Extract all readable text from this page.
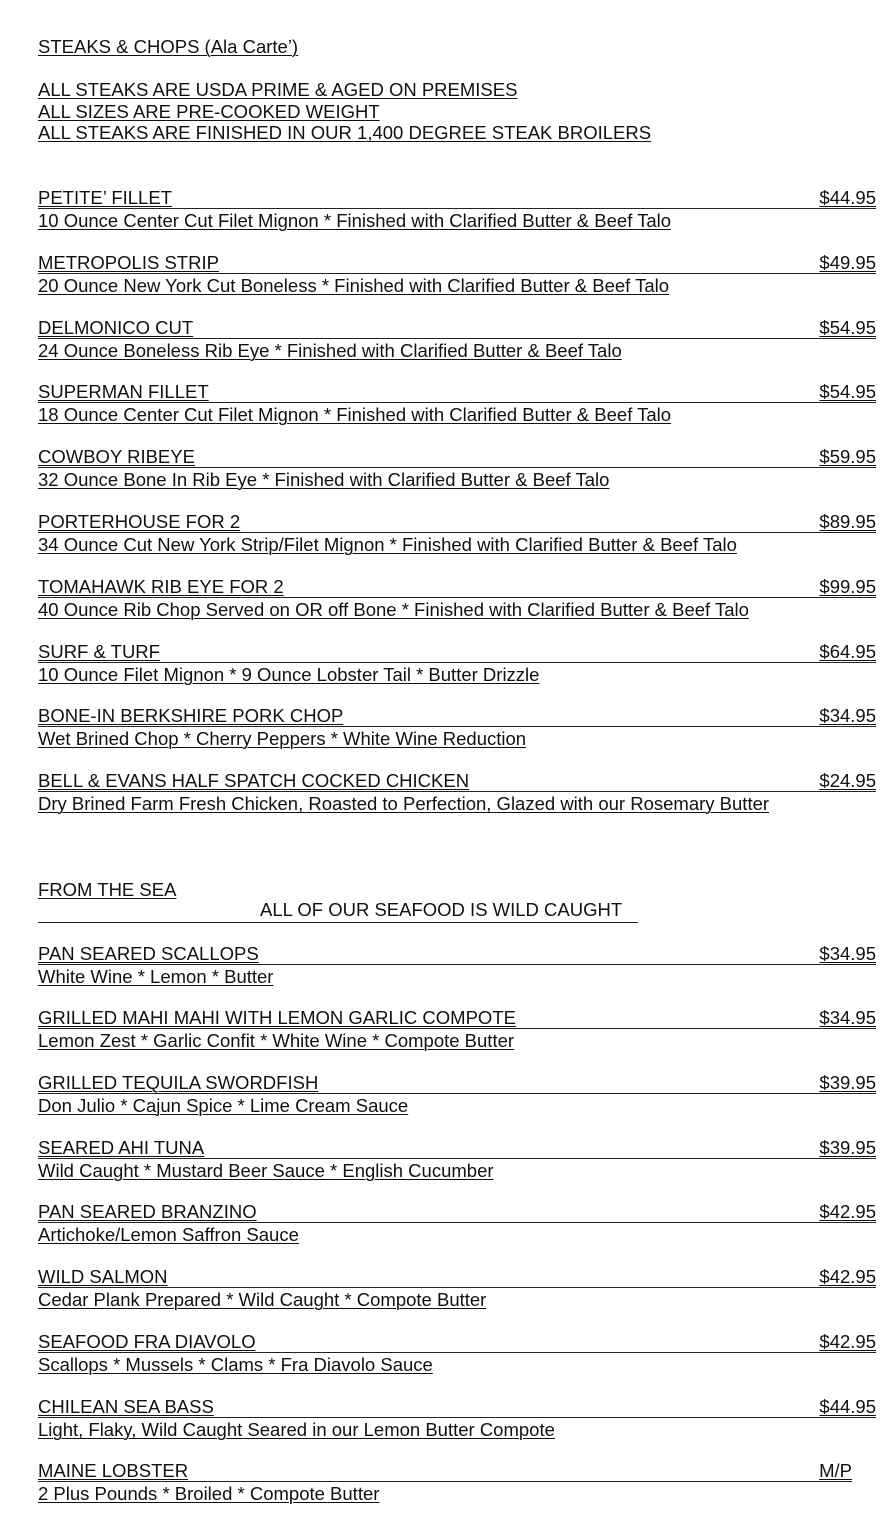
STEAKS & CHOPS (Ala Carte’)
ALL STEAKS ARE USDA PRIME & AGED ON PREMISES
ALL SIZES ARE PRE-COOKED WEIGHT
ALL STEAKS ARE FINISHED IN OUR 1,400 DEGREE STEAK BROILERS
PETITE’ FILLET	$44.95
10 Ounce Center Cut Filet Mignon * Finished with Clarified Butter & Beef Talo
METROPOLIS STRIP	$49.95
20 Ounce New York Cut Boneless * Finished with Clarified Butter & Beef Talo
DELMONICO CUT	$54.95
24 Ounce Boneless Rib Eye * Finished with Clarified Butter & Beef Talo
SUPERMAN FILLET	$54.95
18 Ounce Center Cut Filet Mignon * Finished with Clarified Butter & Beef Talo
COWBOY RIBEYE	$59.95
32 Ounce Bone In Rib Eye * Finished with Clarified Butter & Beef Talo
PORTERHOUSE FOR 2	$89.95
34 Ounce Cut New York Strip/Filet Mignon * Finished with Clarified Butter & Beef Talo
TOMAHAWK RIB EYE FOR 2	$99.95
40 Ounce Rib Chop Served on OR off Bone * Finished with Clarified Butter & Beef Talo
SURF & TURF	$64.95
10 Ounce Filet Mignon * 9 Ounce Lobster Tail * Butter Drizzle
BONE-IN BERKSHIRE PORK CHOP	$34.95
Wet Brined Chop * Cherry Peppers * White Wine Reduction
BELL & EVANS HALF SPATCH COCKED CHICKEN	$24.95
Dry Brined Farm Fresh Chicken, Roasted to Perfection, Glazed with our Rosemary Butter
FROM THE SEA
ALL OF OUR SEAFOOD IS WILD CAUGHT
PAN SEARED SCALLOPS	$34.95
White Wine * Lemon * Butter
GRILLED MAHI MAHI WITH LEMON GARLIC COMPOTE	$34.95
Lemon Zest * Garlic Confit * White Wine * Compote Butter
GRILLED TEQUILA SWORDFISH	$39.95
Don Julio * Cajun Spice * Lime Cream Sauce
SEARED AHI TUNA	$39.95
Wild Caught * Mustard Beer Sauce * English Cucumber
PAN SEARED BRANZINO	$42.95
Artichoke/Lemon Saffron Sauce
WILD SALMON	$42.95
Cedar Plank Prepared * Wild Caught * Compote Butter
SEAFOOD FRA DIAVOLO	$42.95
Scallops * Mussels * Clams * Fra Diavolo Sauce
CHILEAN SEA BASS	$44.95
Light, Flaky, Wild Caught Seared in our Lemon Butter Compote
MAINE LOBSTER	M/P
2 Plus Pounds * Broiled * Compote Butter
